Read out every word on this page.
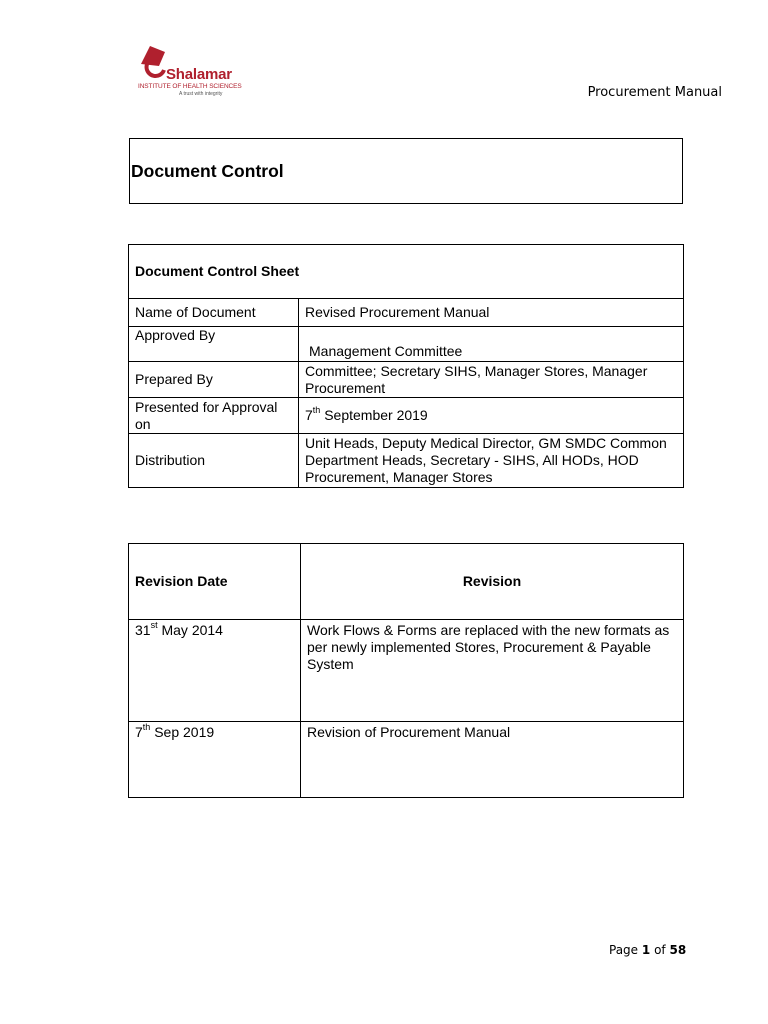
Shalamar
INSTITUTE OF HEALTH SCIENCES
A trust with integrity	Procurement Manual
Document Control
Document Control Sheet	
Name of Document	Revised Procurement Manual
Approved By	Management Committee
Prepared By	Committee; Secretary SIHS, Manager Stores, Manager Procurement
Presented for Approval on	7th September 2019
Distribution	Unit Heads, Deputy Medical Director, GM SMDC Common Department Heads, Secretary - SIHS, All HODs, HOD Procurement, Manager Stores
Revision Date	Revision
31st May 2014	Work Flows & Forms are replaced with the new formats as per newly implemented Stores, Procurement & Payable System
7th Sep 2019	Revision of Procurement Manual
Page 1 of 58
